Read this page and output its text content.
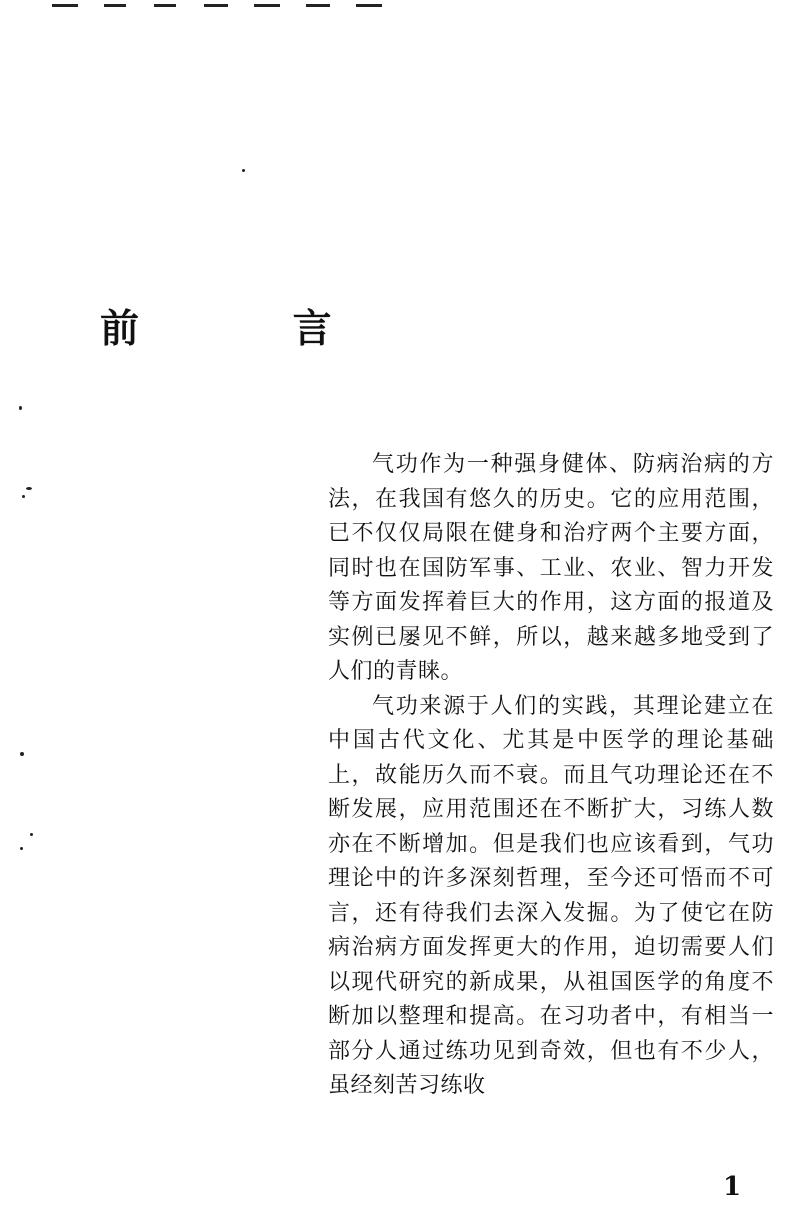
前 言

气功作为一种强身健体、防病治病的方法，在我国有悠久的历史。它的应用范围，已不仅仅局限在健身和治疗两个主要方面，同时也在国防军事、工业、农业、智力开发等方面发挥着巨大的作用，这方面的报道及实例已屡见不鲜，所以，越来越多地受到了人们的青睐。

气功来源于人们的实践，其理论建立在中国古代文化、尤其是中医学的理论基础上，故能历久而不衰。而且气功理论还在不断发展，应用范围还在不断扩大，习练人数亦在不断增加。但是我们也应该看到，气功理论中的许多深刻哲理，至今还可悟而不可言，还有待我们去深入发掘。为了使它在防病治病方面发挥更大的作用，迫切需要人们以现代研究的新成果，从祖国医学的角度不断加以整理和提高。在习功者中，有相当一部分人通过练功见到奇效，但也有不少人，虽经刻苦习练收

1
